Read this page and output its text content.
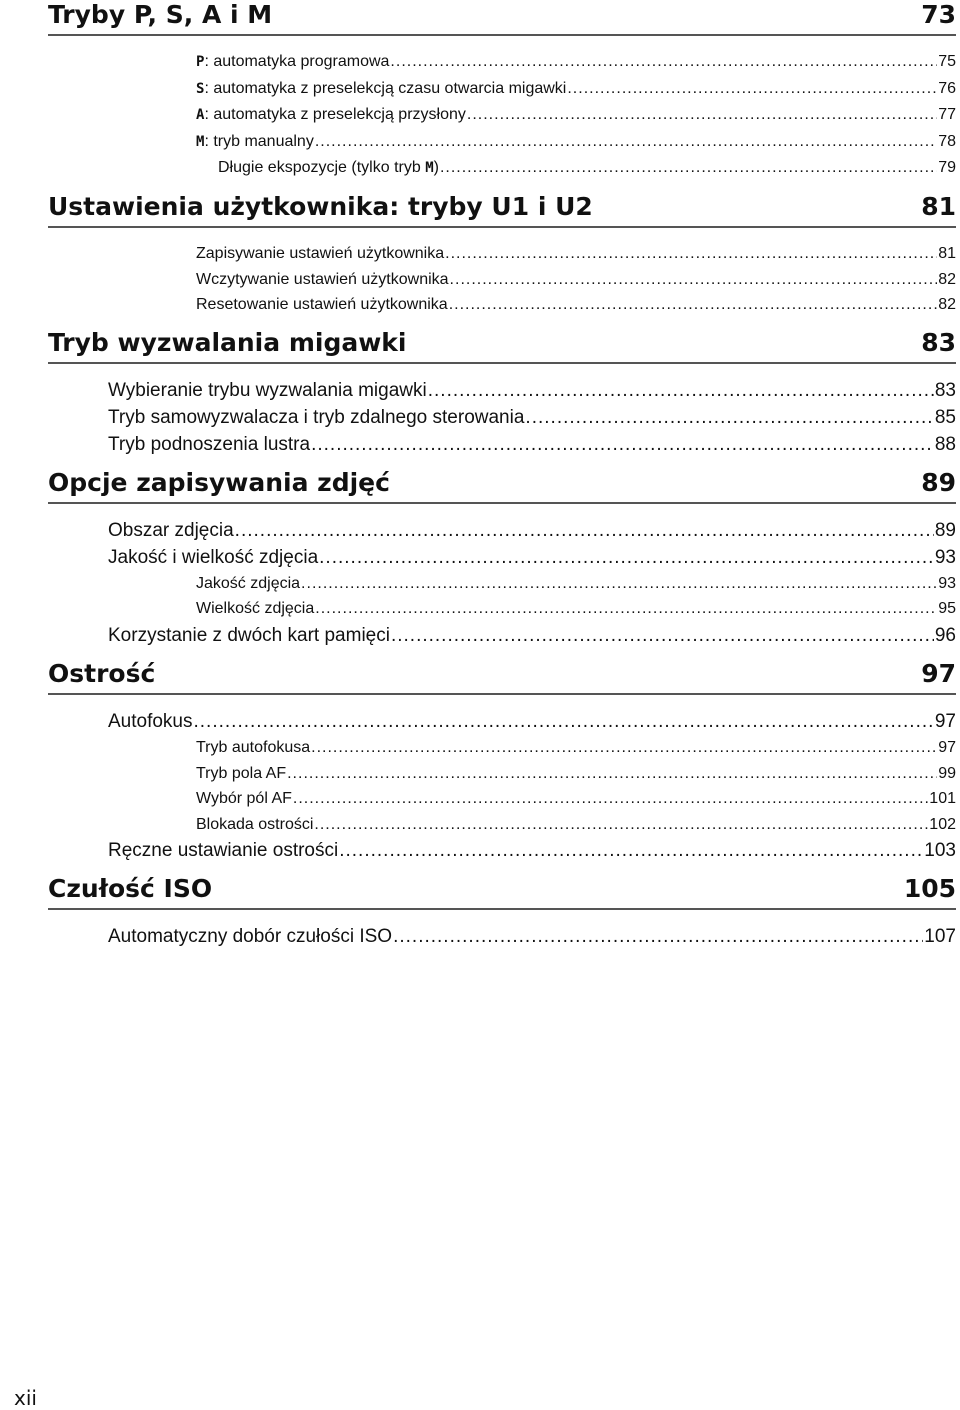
Tryby P, S, A i M	73
P: automatyka programowa .....	75
S: automatyka z preselekcją czasu otwarcia migawki .....	76
A: automatyka z preselekcją przysłony .....	77
M: tryb manualny .....	78
Długie ekspozycje (tylko tryb M) .....	79
Ustawienia użytkownika: tryby U1 i U2	81
Zapisywanie ustawień użytkownika .....	81
Wczytywanie ustawień użytkownika .....	82
Resetowanie ustawień użytkownika .....	82
Tryb wyzwalania migawki	83
Wybieranie trybu wyzwalania migawki .....	83
Tryb samowyzwalacza i tryb zdalnego sterowania .....	85
Tryb podnoszenia lustra .....	88
Opcje zapisywania zdjęć	89
Obszar zdjęcia .....	89
Jakość i wielkość zdjęcia .....	93
Jakość zdjęcia .....	93
Wielkość zdjęcia .....	95
Korzystanie z dwóch kart pamięci .....	96
Ostrość	97
Autofokus .....	97
Tryb autofokusa .....	97
Tryb pola AF .....	99
Wybór pól AF .....	101
Blokada ostrości .....	102
Ręczne ustawianie ostrości .....	103
Czułość ISO	105
Automatyczny dobór czułości ISO .....	107
xii
